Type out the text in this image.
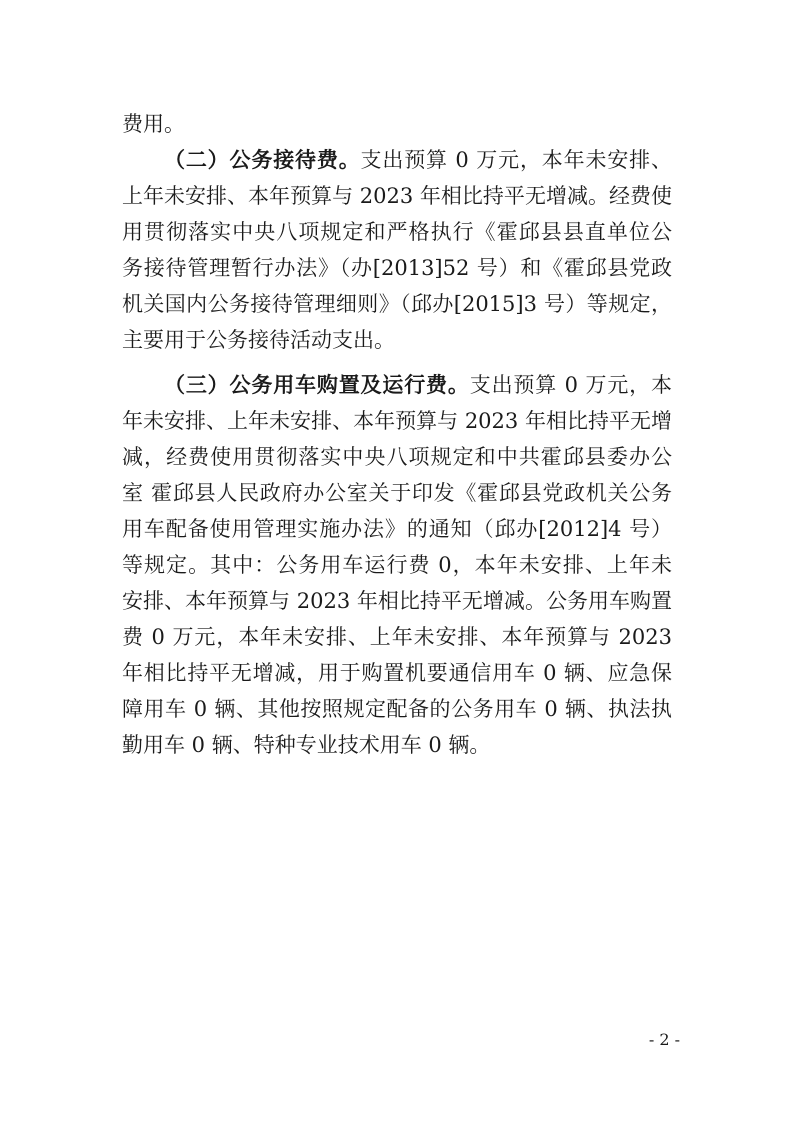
费用。
（二）公务接待费。支出预算 0 万元，本年未安排、
上年未安排、本年预算与 2023 年相比持平无增减。经费使
用贯彻落实中央八项规定和严格执行《霍邱县县直单位公
务接待管理暂行办法》（办[2013]52 号）和《霍邱县党政
机关国内公务接待管理细则》（邱办[2015]3 号）等规定，
主要用于公务接待活动支出。
（三）公务用车购置及运行费。支出预算 0 万元，本
年未安排、上年未安排、本年预算与 2023 年相比持平无增
减，经费使用贯彻落实中央八项规定和中共霍邱县委办公
室 霍邱县人民政府办公室关于印发《霍邱县党政机关公务
用车配备使用管理实施办法》的通知（邱办[2012]4 号）
等规定。其中：公务用车运行费 0，本年未安排、上年未
安排、本年预算与 2023 年相比持平无增减。公务用车购置
费 0 万元，本年未安排、上年未安排、本年预算与 2023
年相比持平无增减，用于购置机要通信用车 0 辆、应急保
障用车 0 辆、其他按照规定配备的公务用车 0 辆、执法执
勤用车 0 辆、特种专业技术用车 0 辆。
- 2 -
